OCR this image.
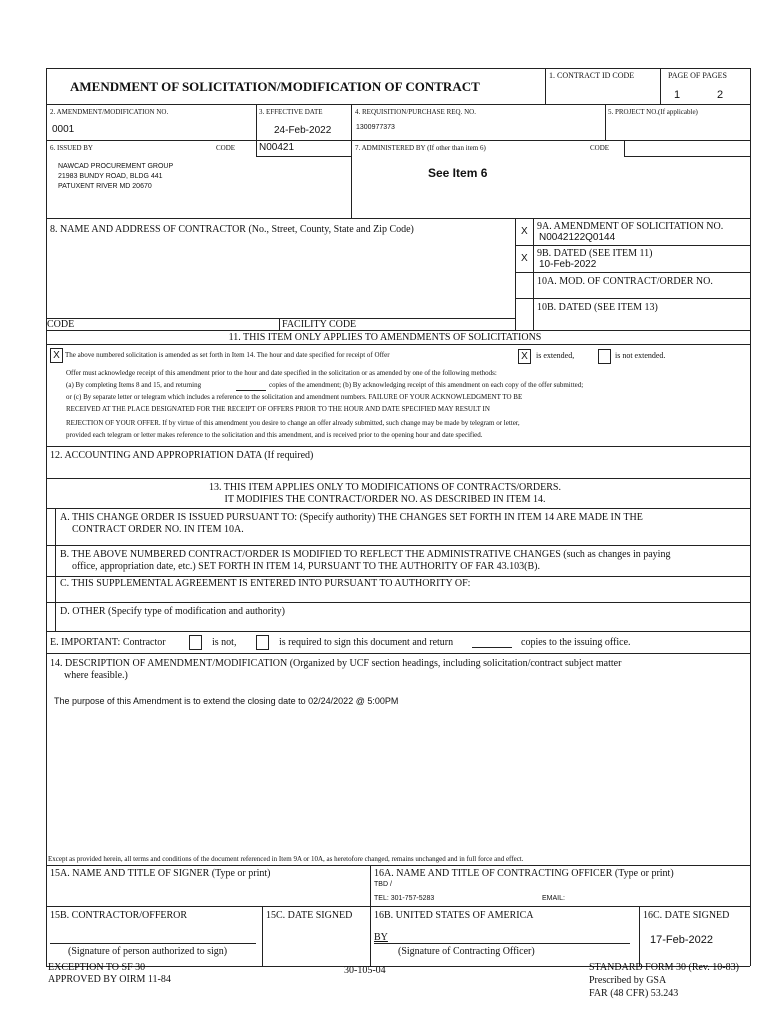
AMENDMENT OF SOLICITATION/MODIFICATION OF CONTRACT
1. CONTRACT ID CODE	PAGE OF PAGES
1	2
2. AMENDMENT/MODIFICATION NO.
0001
3. EFFECTIVE DATE
24-Feb-2022
4. REQUISITION/PURCHASE REQ. NO.
1300977373
5. PROJECT NO.(If applicable)
6. ISSUED BY	CODE N00421	7. ADMINISTERED BY (If other than item 6)	CODE
NAWCAD PROCUREMENT GROUP
21983 BUNDY ROAD, BLDG 441
PATUXENT RIVER MD 20670
See Item 6
8. NAME AND ADDRESS OF CONTRACTOR (No., Street, County, State and Zip Code)	X 9A. AMENDMENT OF SOLICITATION NO.
N0042122Q0144
X 9B. DATED (SEE ITEM 11)
10-Feb-2022
10A. MOD. OF CONTRACT/ORDER NO.
10B. DATED (SEE ITEM 13)
CODE	FACILITY CODE
11. THIS ITEM ONLY APPLIES TO AMENDMENTS OF SOLICITATIONS
X The above numbered solicitation is amended as set forth in Item 14. The hour and date specified for receipt of Offer	X	is extended,	is not extended.
Offer must acknowledge receipt of this amendment prior to the hour and date specified in the solicitation or as amended by one of the following methods:
(a) By completing Items 8 and 15, and returning	copies of the amendment; (b) By acknowledging receipt of this amendment on each copy of the offer submitted;
or (c) By separate letter or telegram which includes a reference to the solicitation and amendment numbers. FAILURE OF YOUR ACKNOWLEDGMENT TO BE
RECEIVED AT THE PLACE DESIGNATED FOR THE RECEIPT OF OFFERS PRIOR TO THE HOUR AND DATE SPECIFIED MAY RESULT IN
REJECTION OF YOUR OFFER. If by virtue of this amendment you desire to change an offer already submitted, such change may be made by telegram or letter,
provided each telegram or letter makes reference to the solicitation and this amendment, and is received prior to the opening hour and date specified.
12. ACCOUNTING AND APPROPRIATION DATA (If required)
13. THIS ITEM APPLIES ONLY TO MODIFICATIONS OF CONTRACTS/ORDERS.
IT MODIFIES THE CONTRACT/ORDER NO. AS DESCRIBED IN ITEM 14.
A. THIS CHANGE ORDER IS ISSUED PURSUANT TO: (Specify authority) THE CHANGES SET FORTH IN ITEM 14 ARE MADE IN THE
CONTRACT ORDER NO. IN ITEM 10A.
B. THE ABOVE NUMBERED CONTRACT/ORDER IS MODIFIED TO REFLECT THE ADMINISTRATIVE CHANGES (such as changes in paying
office, appropriation date, etc.) SET FORTH IN ITEM 14, PURSUANT TO THE AUTHORITY OF FAR 43.103(B).
C. THIS SUPPLEMENTAL AGREEMENT IS ENTERED INTO PURSUANT TO AUTHORITY OF:
D. OTHER (Specify type of modification and authority)
E. IMPORTANT: Contractor	is not,	is required to sign this document and return	copies to the issuing office.
14. DESCRIPTION OF AMENDMENT/MODIFICATION (Organized by UCF section headings, including solicitation/contract subject matter
where feasible.)
The purpose of this Amendment is to extend the closing date to 02/24/2022 @ 5:00PM
Except as provided herein, all terms and conditions of the document referenced in Item 9A or 10A, as heretofore changed, remains unchanged and in full force and effect.
15A. NAME AND TITLE OF SIGNER (Type or print)	16A. NAME AND TITLE OF CONTRACTING OFFICER (Type or print)
TBD /
TEL: 301-757-5283	EMAIL:
15B. CONTRACTOR/OFFEROR	15C. DATE SIGNED 16B. UNITED STATES OF AMERICA	16C. DATE SIGNED
(Signature of person authorized to sign)
BY
(Signature of Contracting Officer)
17-Feb-2022
EXCEPTION TO SF 30
APPROVED BY OIRM 11-84
30-105-04	STANDARD FORM 30 (Rev. 10-83)
Prescribed by GSA
FAR (48 CFR) 53.243
